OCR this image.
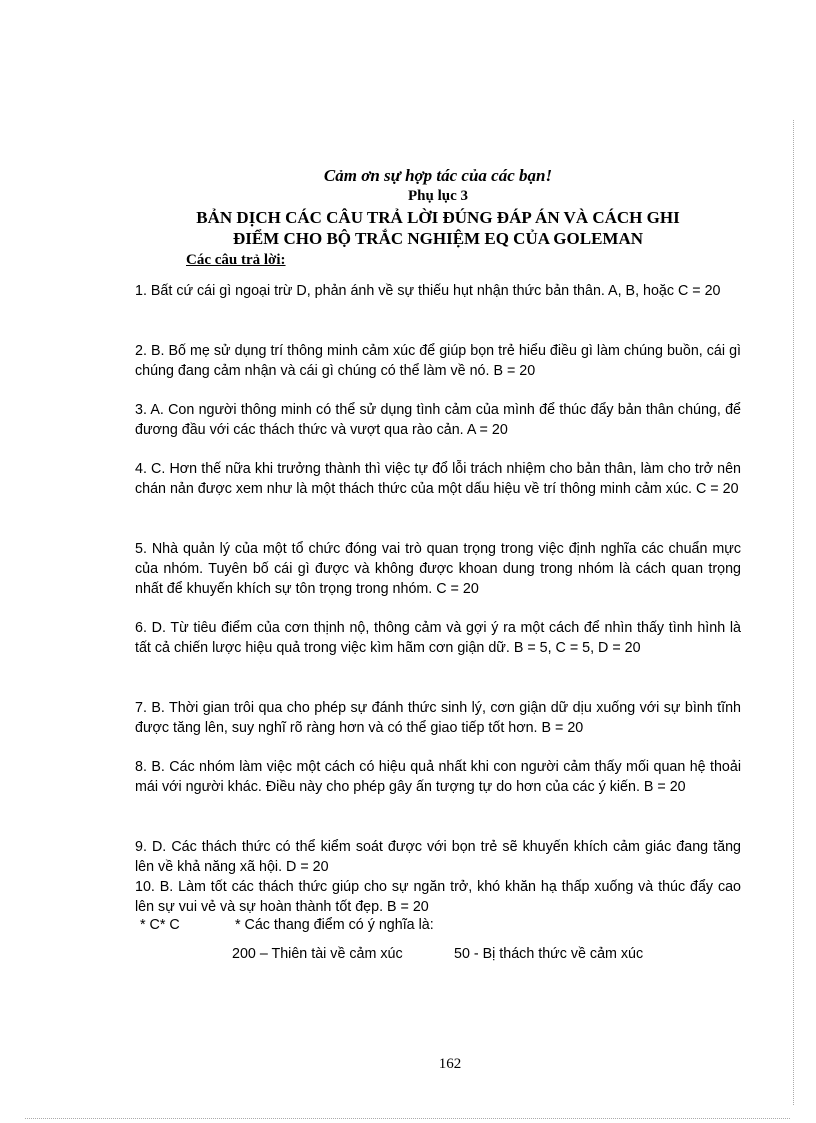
Cảm ơn sự hợp tác của các bạn!
Phụ lục 3
BẢN DỊCH CÁC CÂU TRẢ LỜI ĐÚNG ĐÁP ÁN VÀ CÁCH GHI
ĐIỂM CHO BỘ TRẮC NGHIỆM EQ CỦA GOLEMAN
Các câu trả lời:
1. Bất cứ cái gì ngoại trừ D, phản ánh về sự thiếu hụt nhận thức bản thân. A, B, hoặc C = 20
2. B. Bố mẹ sử dụng trí thông minh cảm xúc để giúp bọn trẻ hiểu điều gì làm chúng buồn, cái gì chúng đang cảm nhận và cái gì chúng có thể làm về nó. B = 20
3. A. Con người thông minh có thể sử dụng tình cảm của mình để thúc đẩy bản thân chúng, để đương đầu với các thách thức và vượt qua rào cản. A = 20
4. C. Hơn thế nữa khi trưởng thành thì việc tự đổ lỗi trách nhiệm cho bản thân, làm cho trở nên chán nản được xem như là một thách thức của một dấu hiệu về trí thông minh cảm xúc. C = 20
5. Nhà quản lý của một tổ chức đóng vai trò quan trọng trong việc định nghĩa các chuẩn mực của nhóm. Tuyên bố cái gì được và không được khoan dung trong nhóm là cách quan trọng nhất để khuyến khích sự tôn trọng trong nhóm. C = 20
6. D. Từ tiêu điểm của cơn thịnh nộ, thông cảm và gợi ý ra một cách để nhìn thấy tình hình là tất cả chiến lược hiệu quả trong việc kìm hãm cơn giận dữ. B = 5, C = 5, D = 20
7. B. Thời gian trôi qua cho phép sự đánh thức sinh lý, cơn giận dữ dịu xuống với sự bình tĩnh được tăng lên, suy nghĩ rõ ràng hơn và có thể giao tiếp tốt hơn. B = 20
8. B. Các nhóm làm việc một cách có hiệu quả nhất khi con người cảm thấy mối quan hệ thoải mái với người khác. Điều này cho phép gây ấn tượng tự do hơn của các ý kiến. B = 20
9. D. Các thách thức có thể kiểm soát được với bọn trẻ sẽ khuyến khích cảm giác đang tăng lên về khả năng xã hội. D = 20
10. B. Làm tốt các thách thức giúp cho sự ngăn trở, khó khăn hạ thấp xuống và thúc đẩy cao lên sự vui vẻ và sự hoàn thành tốt đẹp. B = 20
* C* C	* Các thang điểm có ý nghĩa là:
200 – Thiên tài về cảm xúc	50 - Bị thách thức về cảm xúc
162
